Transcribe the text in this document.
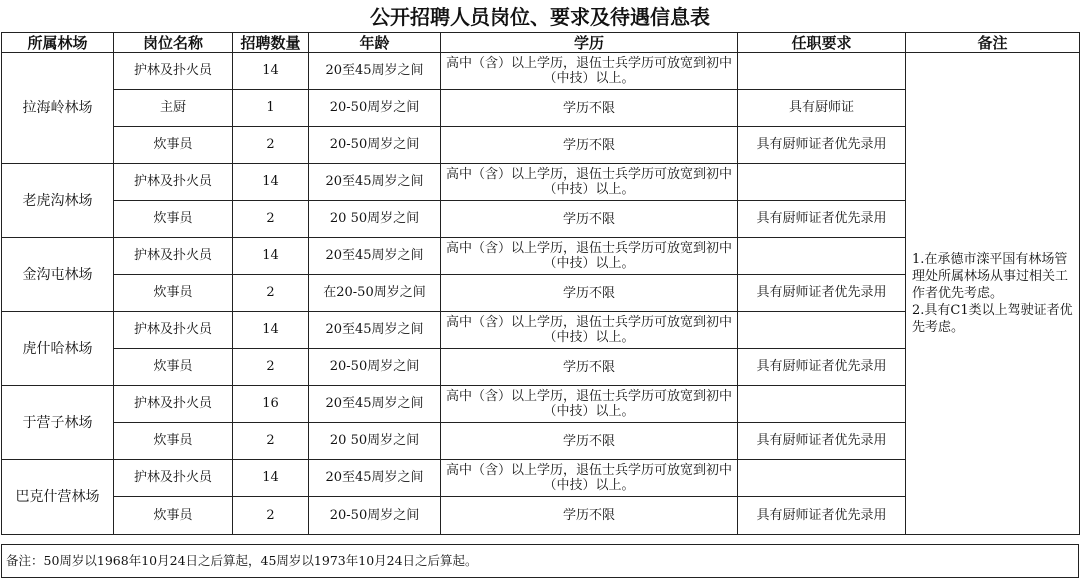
公开招聘人员岗位、要求及待遇信息表
所属林场	岗位名称	招聘数量	年龄	学历	任职要求	备注
拉海岭林场	护林及扑火员	14	20至45周岁之间	高中（含）以上学历，退伍士兵学历可放宽到初中（中技）以上。		1.在承德市滦平国有林场管理处所属林场从事过相关工作者优先考虑。
2.具有C1类以上驾驶证者优先考虑。

	主厨	1	20-50周岁之间	学历不限	具有厨师证	
	炊事员	2	20-50周岁之间	学历不限	具有厨师证者优先录用	
老虎沟林场	护林及扑火员	14	20至45周岁之间	高中（含）以上学历，退伍士兵学历可放宽到初中（中技）以上。		
	炊事员	2	20 50周岁之间	学历不限	具有厨师证者优先录用	
金沟屯林场	护林及扑火员	14	20至45周岁之间	高中（含）以上学历，退伍士兵学历可放宽到初中（中技）以上。		
	炊事员	2	在20-50周岁之间	学历不限	具有厨师证者优先录用	
虎什哈林场	护林及扑火员	14	20至45周岁之间	高中（含）以上学历，退伍士兵学历可放宽到初中（中技）以上。		
	炊事员	2	20-50周岁之间	学历不限	具有厨师证者优先录用	
于营子林场	护林及扑火员	16	20至45周岁之间	高中（含）以上学历，退伍士兵学历可放宽到初中（中技）以上。		
	炊事员	2	20 50周岁之间	学历不限	具有厨师证者优先录用	
巴克什营林场	护林及扑火员	14	20至45周岁之间	高中（含）以上学历，退伍士兵学历可放宽到初中（中技）以上。		
	炊事员	2	20-50周岁之间	学历不限	具有厨师证者优先录用	
备注：50周岁以1968年10月24日之后算起，45周岁以1973年10月24日之后算起。
